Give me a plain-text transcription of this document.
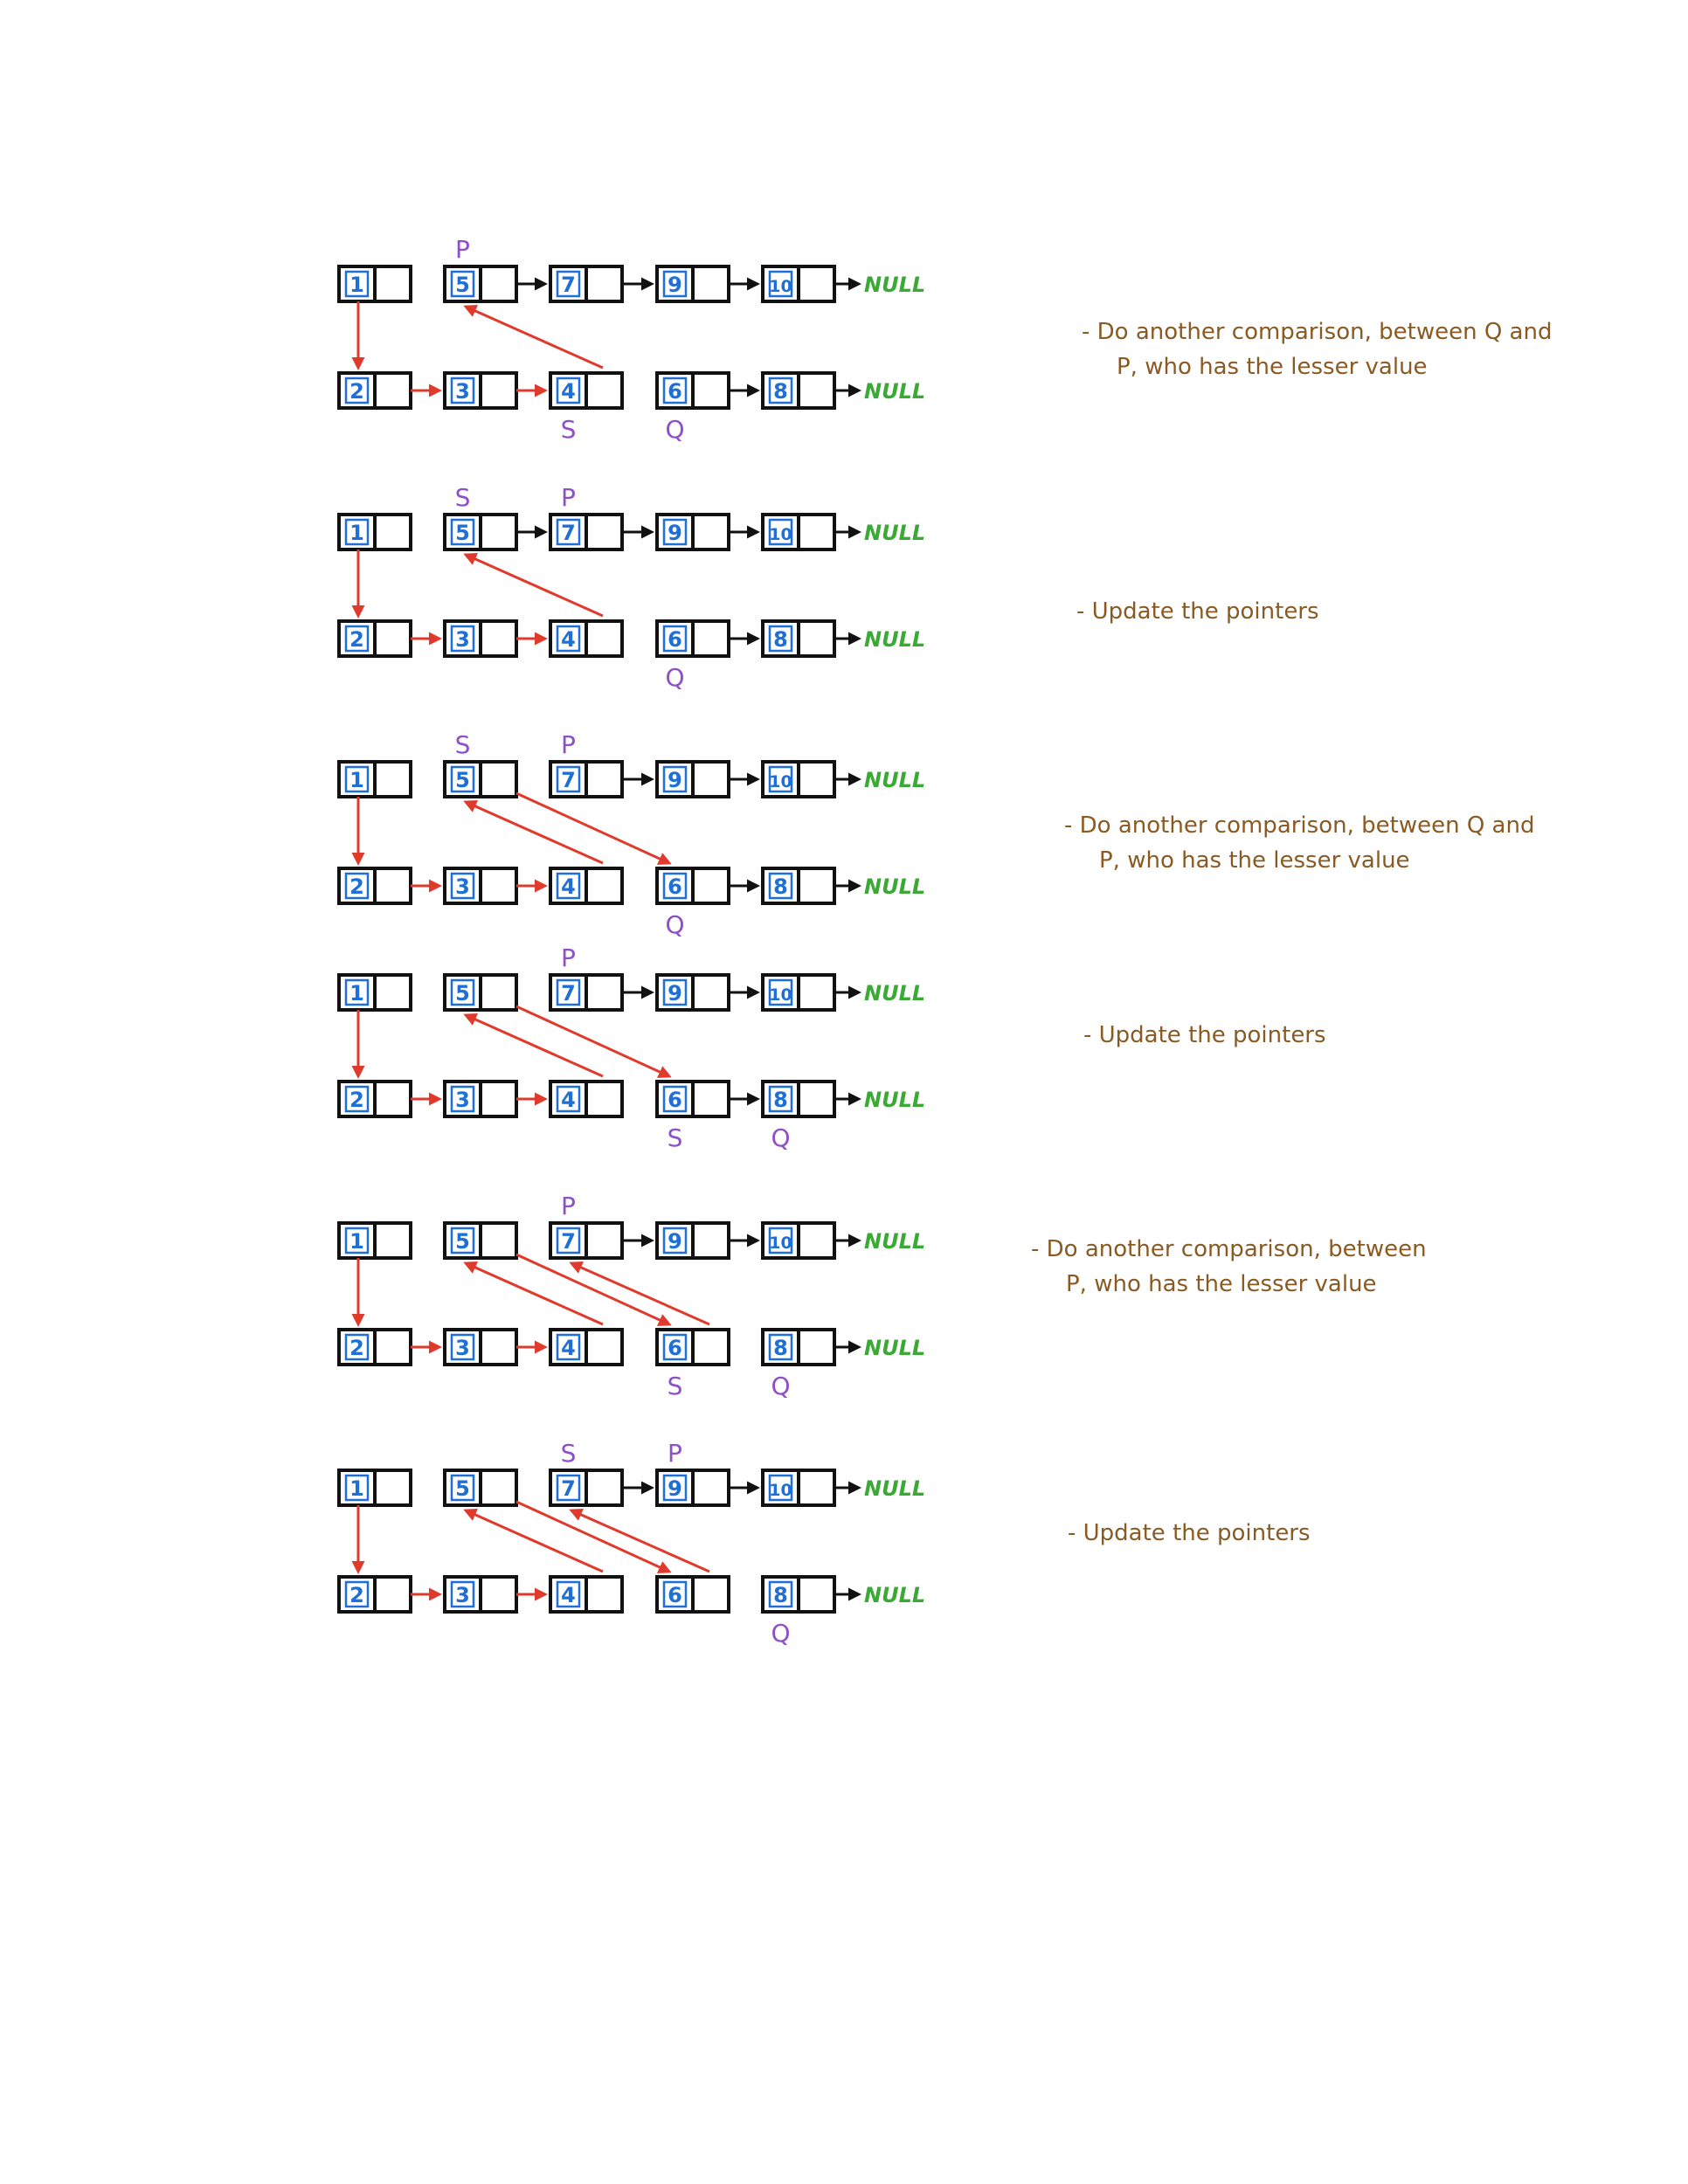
1	5	7	9	10	NULL
2	3	4	6	8	NULL
P
S	Q
1	5	7	9	10	NULL
2	3	4	6	8	NULL
S	P
Q
1	5	7	9	10	NULL
2	3	4	6	8	NULL
S	P
Q
1	5	7	9	10	NULL
2	3	4	6	8	NULL
P
S	Q
1	5	7	9	10	NULL
2	3	4	6	8	NULL
P
S	Q
1	5	7	9	10	NULL
2	3	4	6	8	NULL
S	P
Q
- Do another comparison, between Q and

P, who has the lesser value
- Update the pointers
- Do another comparison, between Q and

P, who has the lesser value
- Update the pointers
- Do another comparison, between

P, who has the lesser value
- Update the pointers
